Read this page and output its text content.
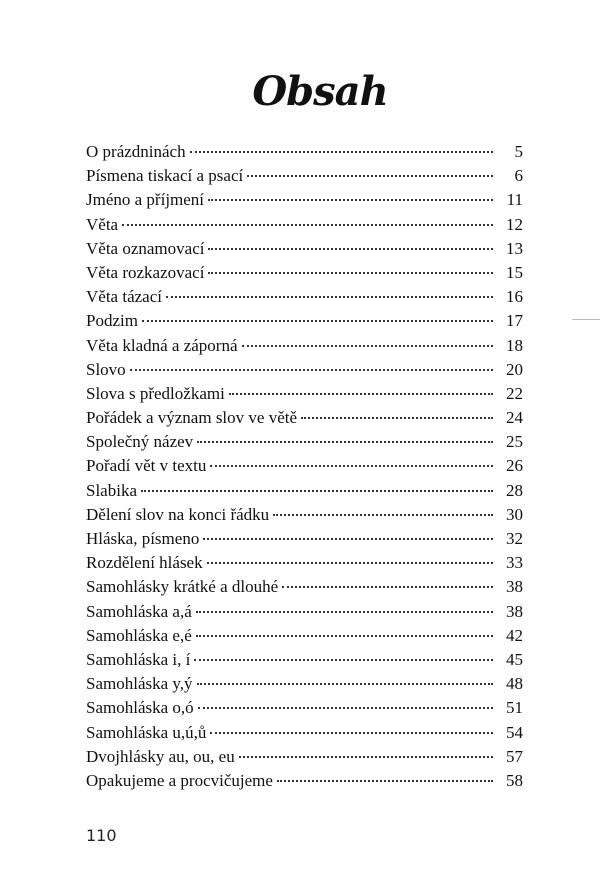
Obsah
O prázdninách	5
Písmena tiskací a psací	6
Jméno a příjmení	11
Věta	12
Věta oznamovací	13
Věta rozkazovací	15
Věta tázací	16
Podzim	17
Věta kladná a záporná	18
Slovo	20
Slova s předložkami	22
Pořádek a význam slov ve větě	24
Společný název	25
Pořadí vět v textu	26
Slabika	28
Dělení slov na konci řádku	30
Hláska, písmeno	32
Rozdělení hlásek	33
Samohlásky krátké a dlouhé	38
Samohláska a,á	38
Samohláska e,é	42
Samohláska i, í	45
Samohláska y,ý	48
Samohláska o,ó	51
Samohláska u,ú,ů	54
Dvojhlásky au, ou, eu	57
Opakujeme a procvičujeme	58
110
